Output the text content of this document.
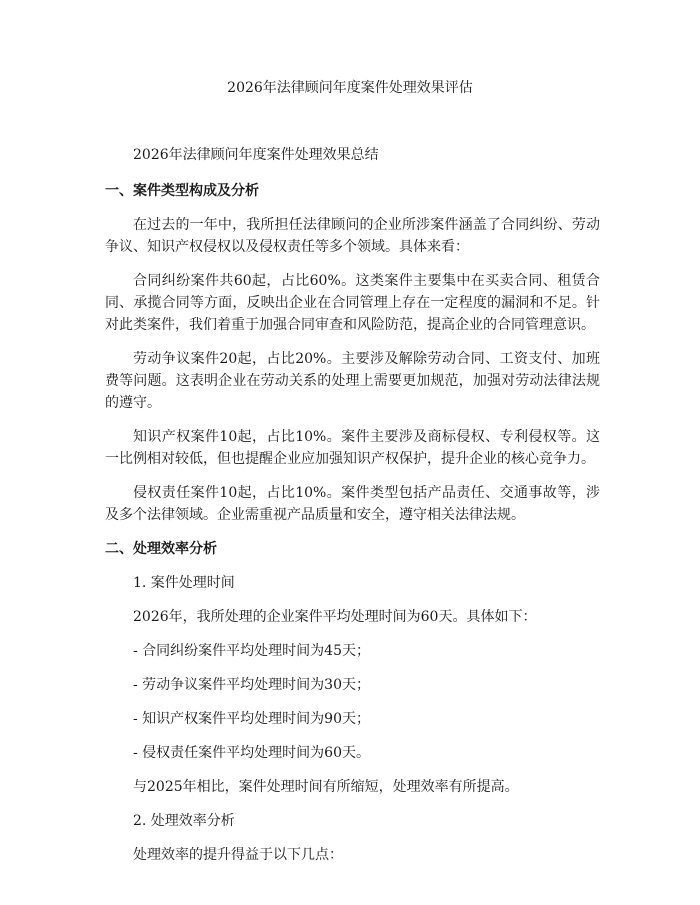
2026年法律顾问年度案件处理效果评估

2026年法律顾问年度案件处理效果总结

一、案件类型构成及分析

在过去的一年中，我所担任法律顾问的企业所涉案件涵盖了合同纠纷、劳动争议、知识产权侵权以及侵权责任等多个领域。具体来看：

合同纠纷案件共60起，占比60%。这类案件主要集中在买卖合同、租赁合同、承揽合同等方面，反映出企业在合同管理上存在一定程度的漏洞和不足。针对此类案件，我们着重于加强合同审查和风险防范，提高企业的合同管理意识。

劳动争议案件20起，占比20%。主要涉及解除劳动合同、工资支付、加班费等问题。这表明企业在劳动关系的处理上需要更加规范，加强对劳动法律法规的遵守。

知识产权案件10起，占比10%。案件主要涉及商标侵权、专利侵权等。这一比例相对较低，但也提醒企业应加强知识产权保护，提升企业的核心竞争力。

侵权责任案件10起，占比10%。案件类型包括产品责任、交通事故等，涉及多个法律领域。企业需重视产品质量和安全，遵守相关法律法规。

二、处理效率分析

1. 案件处理时间

2026年，我所处理的企业案件平均处理时间为60天。具体如下：

- 合同纠纷案件平均处理时间为45天；

- 劳动争议案件平均处理时间为30天；

- 知识产权案件平均处理时间为90天；

- 侵权责任案件平均处理时间为60天。

与2025年相比，案件处理时间有所缩短，处理效率有所提高。

2. 处理效率分析

处理效率的提升得益于以下几点：
